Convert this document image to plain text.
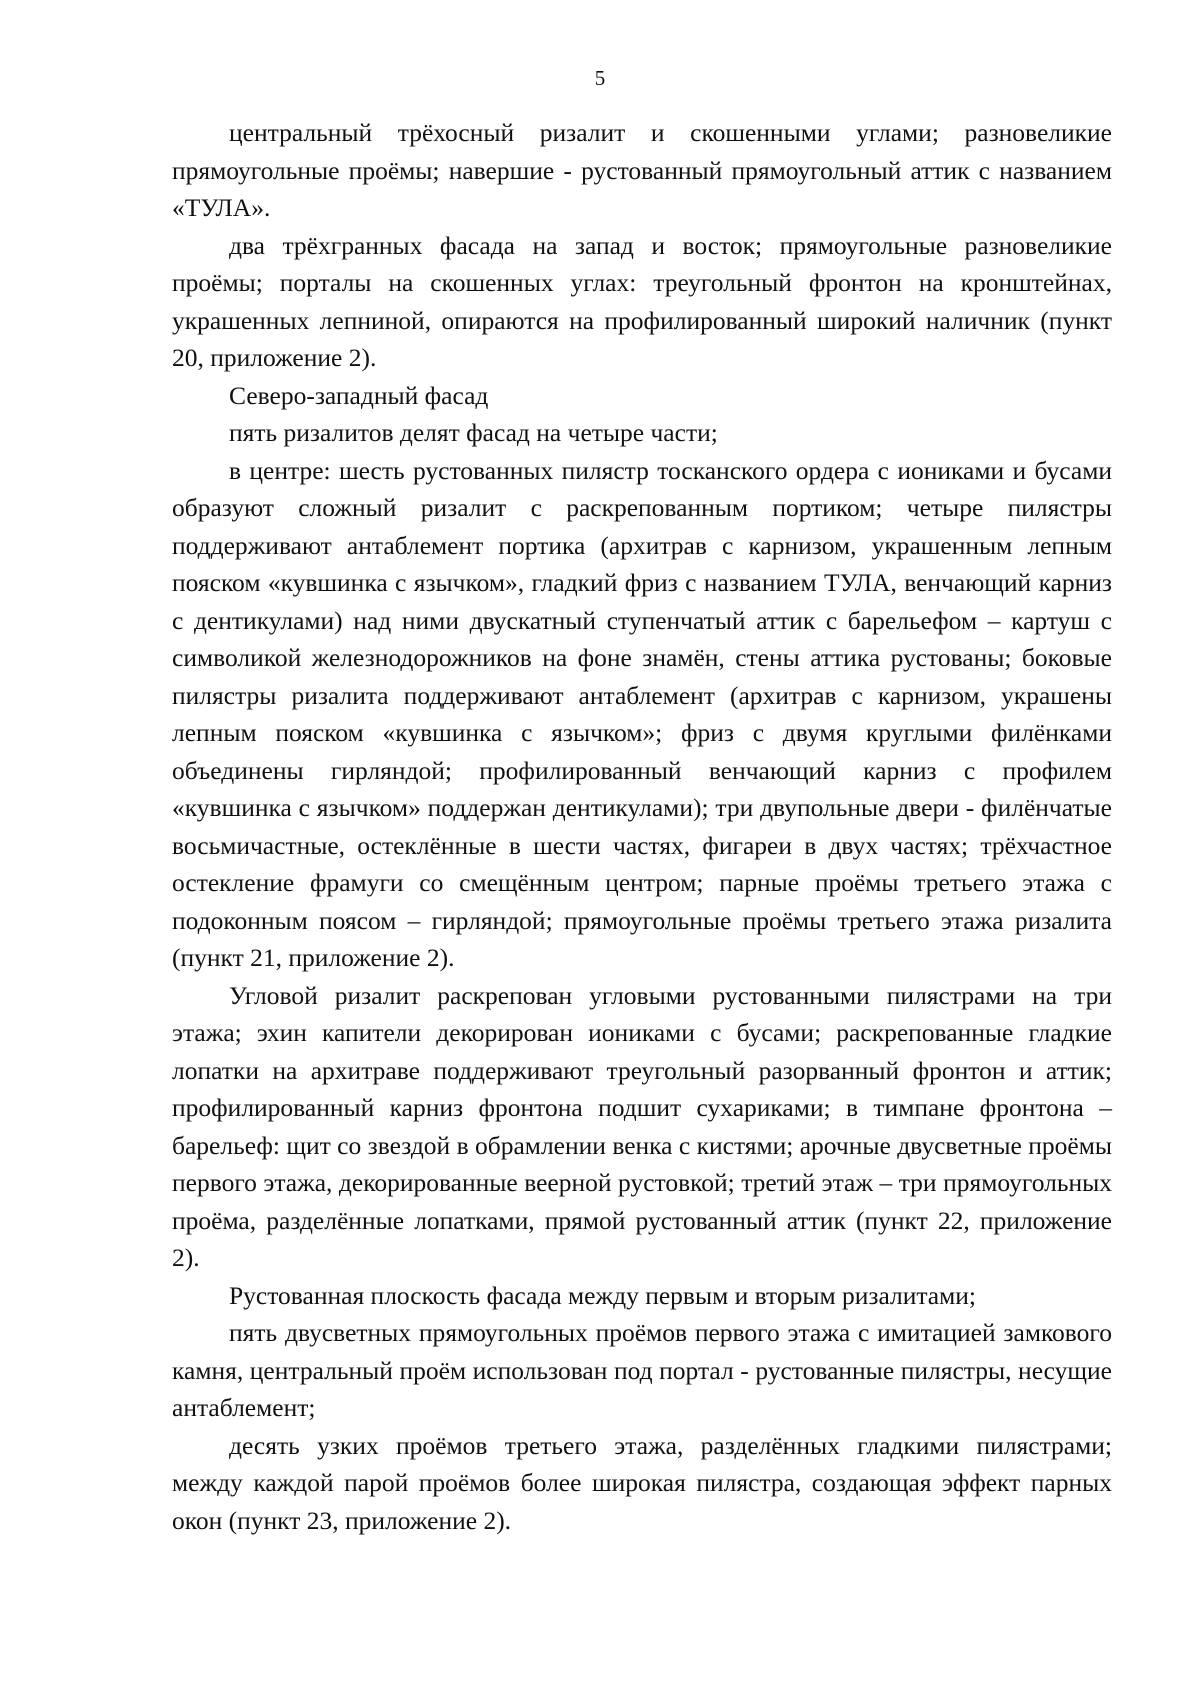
5

центральный трёхосный ризалит и скошенными углами; разновеликие прямоугольные проёмы; навершие - рустованный прямоугольный аттик с названием «ТУЛА».

два трёхгранных фасада на запад и восток; прямоугольные разновеликие проёмы; порталы на скошенных углах: треугольный фронтон на кронштейнах, украшенных лепниной, опираются на профилированный широкий наличник (пункт 20, приложение 2).

Северо-западный фасад

пять ризалитов делят фасад на четыре части;

в центре: шесть рустованных пилястр тосканского ордера с иониками и бусами образуют сложный ризалит с раскрепованным портиком; четыре пилястры поддерживают антаблемент портика (архитрав с карнизом, украшенным лепным пояском «кувшинка с язычком», гладкий фриз с названием ТУЛА, венчающий карниз с дентикулами) над ними двускатный ступенчатый аттик с барельефом – картуш с символикой железнодорожников на фоне знамён, стены аттика рустованы; боковые пилястры ризалита поддерживают антаблемент (архитрав с карнизом, украшены лепным пояском «кувшинка с язычком»; фриз с двумя круглыми филёнками объединены гирляндой; профилированный венчающий карниз с профилем «кувшинка с язычком» поддержан дентикулами); три двупольные двери - филёнчатые восьмичастные, остеклённые в шести частях, фигареи в двух частях; трёхчастное остекление фрамуги со смещённым центром; парные проёмы третьего этажа с подоконным поясом – гирляндой; прямоугольные проёмы третьего этажа ризалита (пункт 21, приложение 2).

Угловой ризалит раскрепован угловыми рустованными пилястрами на три этажа; эхин капители декорирован иониками с бусами; раскрепованные гладкие лопатки на архитраве поддерживают треугольный разорванный фронтон и аттик; профилированный карниз фронтона подшит сухариками; в тимпане фронтона – барельеф: щит со звездой в обрамлении венка с кистями; арочные двусветные проёмы первого этажа, декорированные веерной рустовкой; третий этаж – три прямоугольных проёма, разделённые лопатками, прямой рустованный аттик (пункт 22, приложение 2).

Рустованная плоскость фасада между первым и вторым ризалитами;

пять двусветных прямоугольных проёмов первого этажа с имитацией замкового камня, центральный проём использован под портал - рустованные пилястры, несущие антаблемент;

десять узких проёмов третьего этажа, разделённых гладкими пилястрами; между каждой парой проёмов более широкая пилястра, создающая эффект парных окон (пункт 23, приложение 2).
